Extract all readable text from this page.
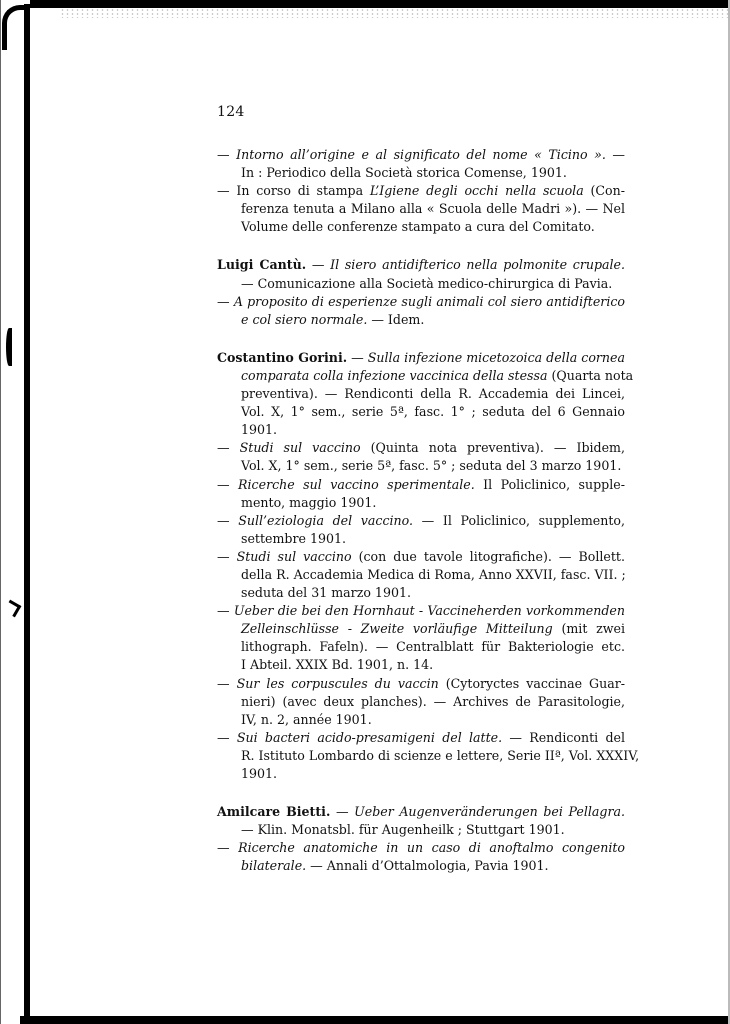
124
— Intorno all’origine e al significato del nome « Ticino ». —
In : Periodico della Società storica Comense, 1901.
— In corso di stampa L’Igiene degli occhi nella scuola (Con-
ferenza tenuta a Milano alla « Scuola delle Madri »). — Nel
Volume delle conferenze stampato a cura del Comitato.
Luigi Cantù. — Il siero antidifterico nella polmonite crupale.
— Comunicazione alla Società medico-chirurgica di Pavia.
— A proposito di esperienze sugli animali col siero antidifterico
e col siero normale. — Idem.
Costantino Gorini. — Sulla infezione micetozoica della cornea
comparata colla infezione vaccinica della stessa (Quarta nota
preventiva). — Rendiconti della R. Accademia dei Lincei,
Vol. X, 1° sem., serie 5ª, fasc. 1° ; seduta del 6 Gennaio
1901.
— Studi sul vaccino (Quinta nota preventiva). — Ibidem,
Vol. X, 1° sem., serie 5ª, fasc. 5° ; seduta del 3 marzo 1901.
— Ricerche sul vaccino sperimentale. Il Policlinico, supple-
mento, maggio 1901.
— Sull’eziologia del vaccino. — Il Policlinico, supplemento,
settembre 1901.
— Studi sul vaccino (con due tavole litografiche). — Bollett.
della R. Accademia Medica di Roma, Anno XXVII, fasc. VII. ;
seduta del 31 marzo 1901.
— Ueber die bei den Hornhaut - Vaccineherden vorkommenden
Zelleinschlüsse - Zweite vorläufige Mitteilung (mit zwei
lithograph. Fafeln). — Centralblatt für Bakteriologie etc.
I Abteil. XXIX Bd. 1901, n. 14.
— Sur les corpuscules du vaccin (Cytoryctes vaccinae Guar-
nieri) (avec deux planches). — Archives de Parasitologie,
IV, n. 2, année 1901.
— Sui bacteri acido-presamigeni del latte. — Rendiconti del
R. Istituto Lombardo di scienze e lettere, Serie IIª, Vol. XXXIV,
1901.
Amilcare Bietti. — Ueber Augenveränderungen bei Pellagra.
— Klin. Monatsbl. für Augenheilk ; Stuttgart 1901.
— Ricerche anatomiche in un caso di anoftalmo congenito
bilaterale. — Annali d’Ottalmologia, Pavia 1901.
